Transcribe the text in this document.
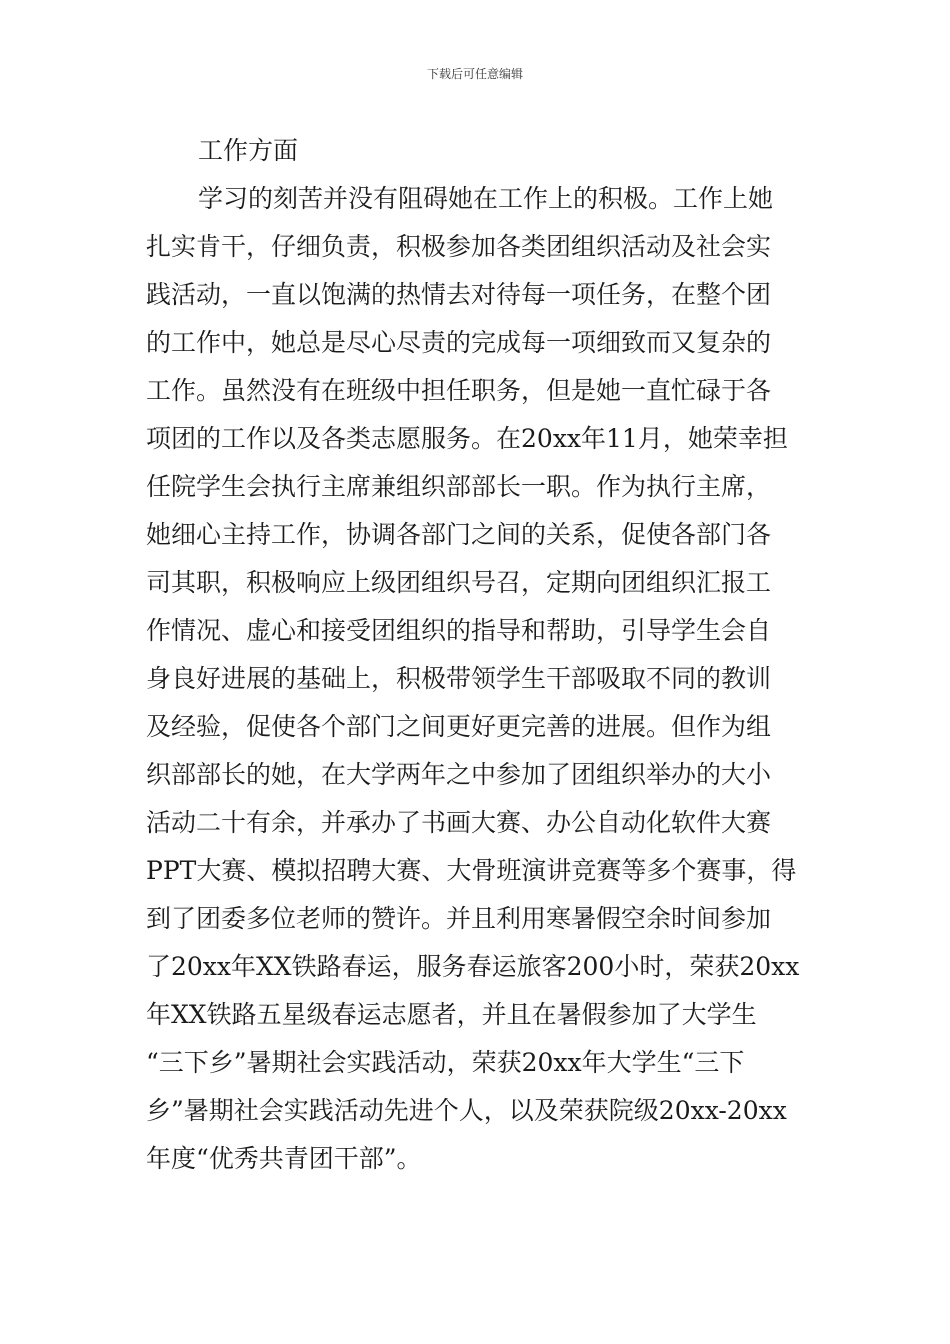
下载后可任意编辑
工作方面
学习的刻苦并没有阻碍她在工作上的积极。工作上她
扎实肯干，仔细负责，积极参加各类团组织活动及社会实
践活动，一直以饱满的热情去对待每一项任务，在整个团
的工作中，她总是尽心尽责的完成每一项细致而又复杂的
工作。虽然没有在班级中担任职务，但是她一直忙碌于各
项团的工作以及各类志愿服务。在20xx年11月，她荣幸担
任院学生会执行主席兼组织部部长一职。作为执行主席，
她细心主持工作，协调各部门之间的关系，促使各部门各
司其职，积极响应上级团组织号召，定期向团组织汇报工
作情况、虚心和接受团组织的指导和帮助，引导学生会自
身良好进展的基础上，积极带领学生干部吸取不同的教训
及经验，促使各个部门之间更好更完善的进展。但作为组
织部部长的她，在大学两年之中参加了团组织举办的大小
活动二十有余，并承办了书画大赛、办公自动化软件大赛
PPT大赛、模拟招聘大赛、大骨班演讲竞赛等多个赛事，得
到了团委多位老师的赞许。并且利用寒暑假空余时间参加
了20xx年XX铁路春运，服务春运旅客200小时，荣获20xx
年XX铁路五星级春运志愿者，并且在暑假参加了大学生
“三下乡”暑期社会实践活动，荣获20xx年大学生“三下
乡”暑期社会实践活动先进个人，以及荣获院级20xx-20xx
年度“优秀共青团干部”。
